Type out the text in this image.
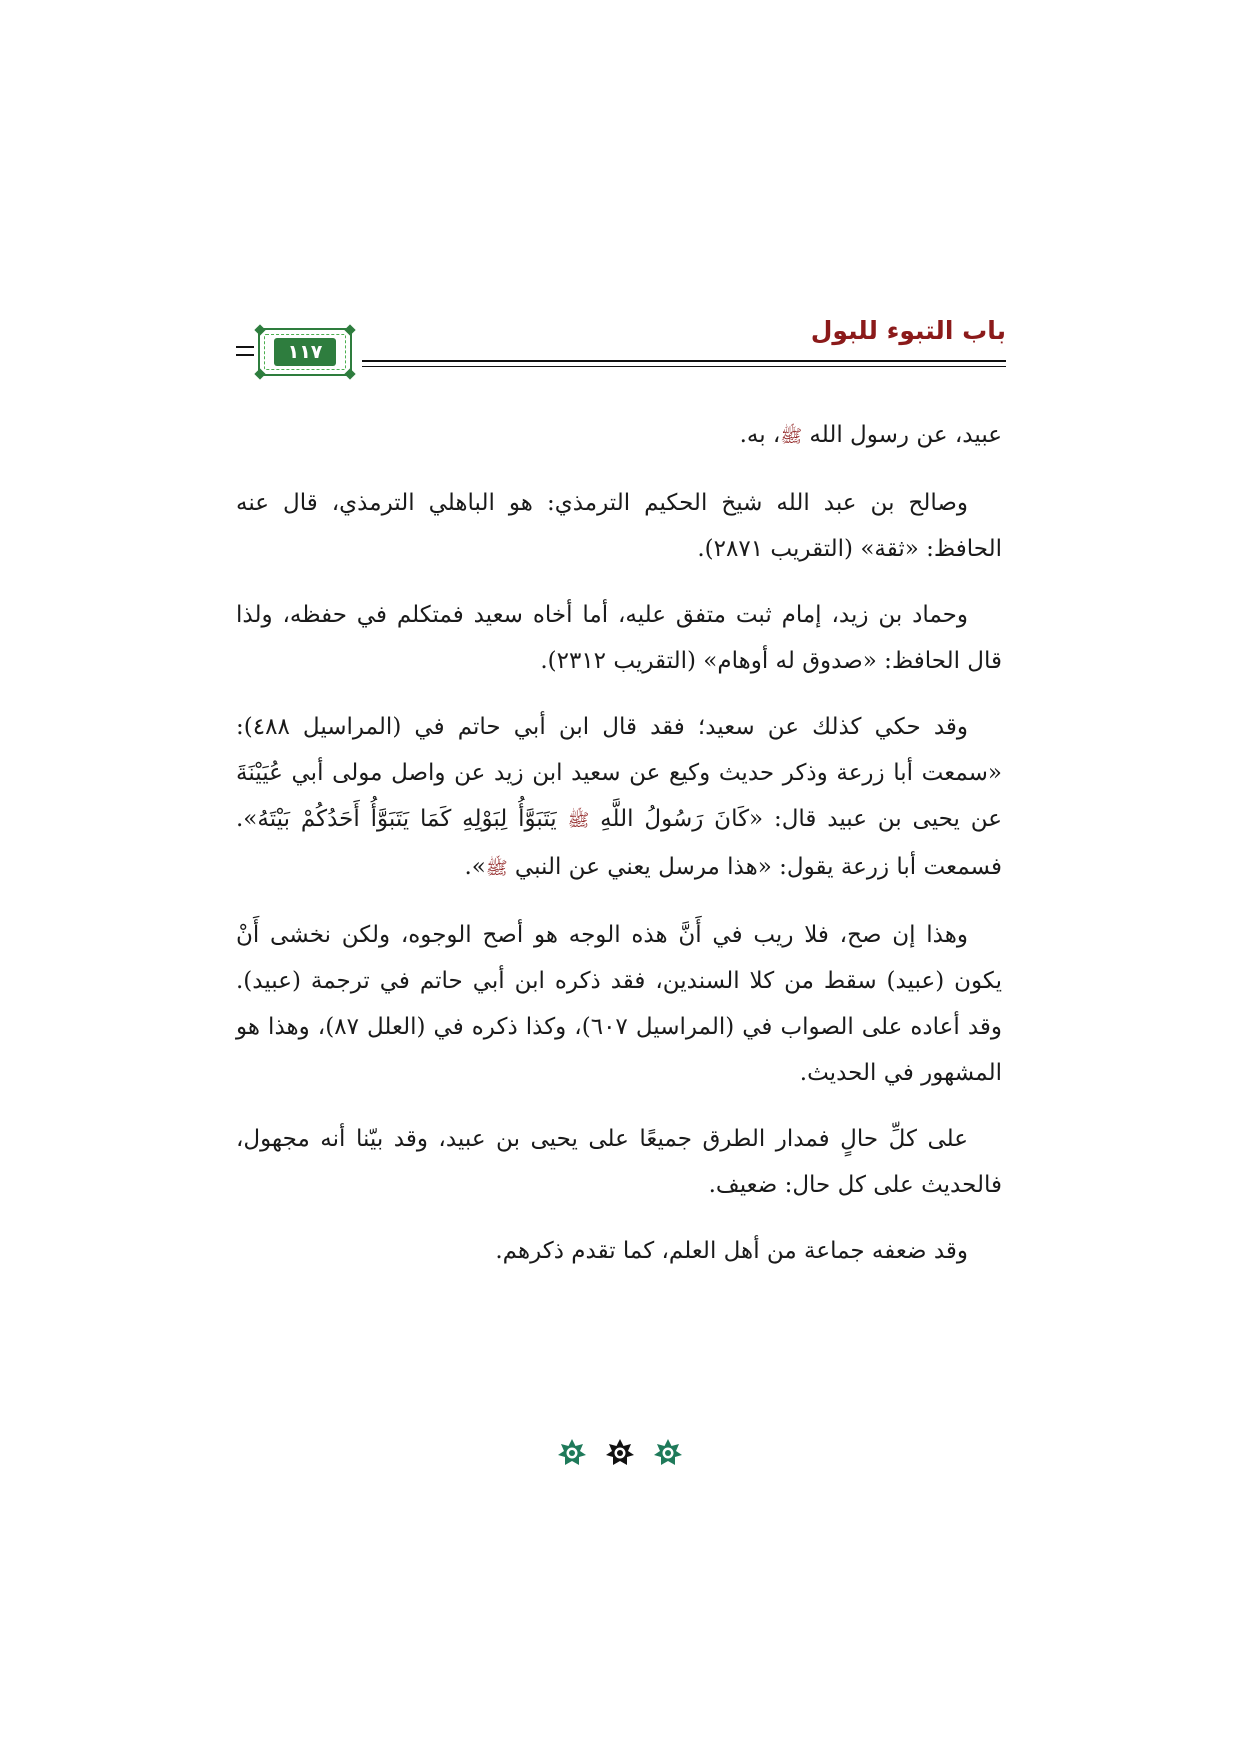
باب التبوء للبول
١١٧

عبيد، عن رسول الله ﷺ، به.

وصالح بن عبد الله شيخ الحكيم الترمذي: هو الباهلي الترمذي، قال عنه الحافظ: «ثقة» (التقريب ٢٨٧١).

وحماد بن زيد، إمام ثبت متفق عليه، أما أخاه سعيد فمتكلم في حفظه، ولذا قال الحافظ: «صدوق له أوهام» (التقريب ٢٣١٢).

وقد حكي كذلك عن سعيد؛ فقد قال ابن أبي حاتم في (المراسيل ٤٨٨): «سمعت أبا زرعة وذكر حديث وكيع عن سعيد ابن زيد عن واصل مولى أبي عُيَيْنَةَ عن يحيى بن عبيد قال: «كَانَ رَسُولُ اللَّهِ ﷺ يَتَبَوَّأُ لِبَوْلِهِ كَمَا يَتَبَوَّأُ أَحَدُكُمْ بَيْتَهُ». فسمعت أبا زرعة يقول: «هذا مرسل يعني عن النبي ﷺ».

وهذا إن صح، فلا ريب في أَنَّ هذه الوجه هو أصح الوجوه، ولكن نخشى أَنْ يكون (عبيد) سقط من كلا السندين، فقد ذكره ابن أبي حاتم في ترجمة (عبيد). وقد أعاده على الصواب في (المراسيل ٦٠٧)، وكذا ذكره في (العلل ٨٧)، وهذا هو المشهور في الحديث.

على كلِّ حالٍ فمدار الطرق جميعًا على يحيى بن عبيد، وقد بيّنا أنه مجهول، فالحديث على كل حال: ضعيف.

وقد ضعفه جماعة من أهل العلم، كما تقدم ذكرهم.
